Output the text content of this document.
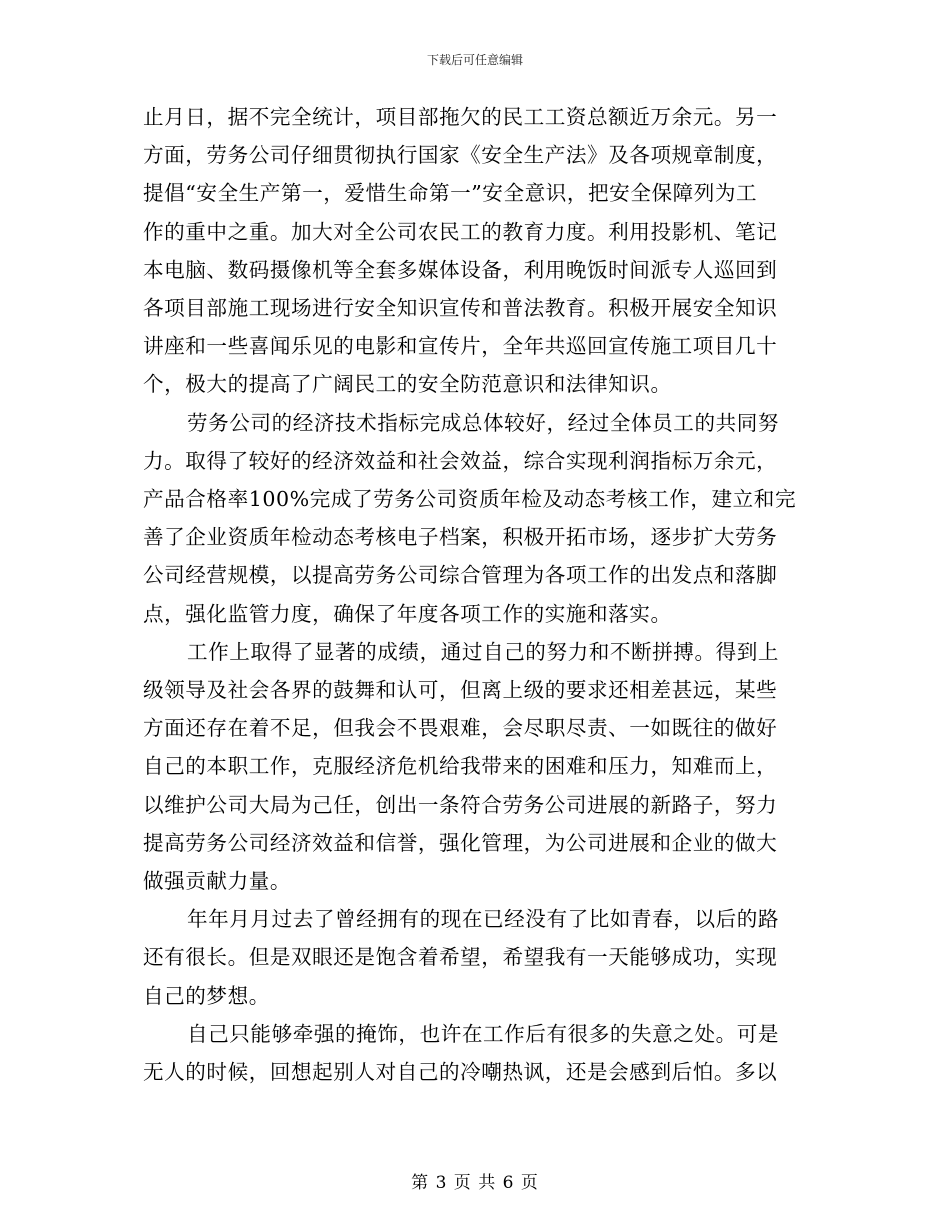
下载后可任意编辑
止月日，据不完全统计，项目部拖欠的民工工资总额近万余元。另一
方面，劳务公司仔细贯彻执行国家《安全生产法》及各项规章制度，
提倡“安全生产第一，爱惜生命第一”安全意识，把安全保障列为工
作的重中之重。加大对全公司农民工的教育力度。利用投影机、笔记
本电脑、数码摄像机等全套多媒体设备，利用晚饭时间派专人巡回到
各项目部施工现场进行安全知识宣传和普法教育。积极开展安全知识
讲座和一些喜闻乐见的电影和宣传片，全年共巡回宣传施工项目几十
个，极大的提高了广阔民工的安全防范意识和法律知识。
劳务公司的经济技术指标完成总体较好，经过全体员工的共同努
力。取得了较好的经济效益和社会效益，综合实现利润指标万余元，
产品合格率100%完成了劳务公司资质年检及动态考核工作，建立和完
善了企业资质年检动态考核电子档案，积极开拓市场，逐步扩大劳务
公司经营规模，以提高劳务公司综合管理为各项工作的出发点和落脚
点，强化监管力度，确保了年度各项工作的实施和落实。
工作上取得了显著的成绩，通过自己的努力和不断拼搏。得到上
级领导及社会各界的鼓舞和认可，但离上级的要求还相差甚远，某些
方面还存在着不足，但我会不畏艰难，会尽职尽责、一如既往的做好
自己的本职工作，克服经济危机给我带来的困难和压力，知难而上，
以维护公司大局为己任，创出一条符合劳务公司进展的新路子，努力
提高劳务公司经济效益和信誉，强化管理，为公司进展和企业的做大
做强贡献力量。
年年月月过去了曾经拥有的现在已经没有了比如青春，以后的路
还有很长。但是双眼还是饱含着希望，希望我有一天能够成功，实现
自己的梦想。
自己只能够牵强的掩饰，也许在工作后有很多的失意之处。可是
无人的时候，回想起别人对自己的冷嘲热讽，还是会感到后怕。多以
第 3 页 共 6 页
